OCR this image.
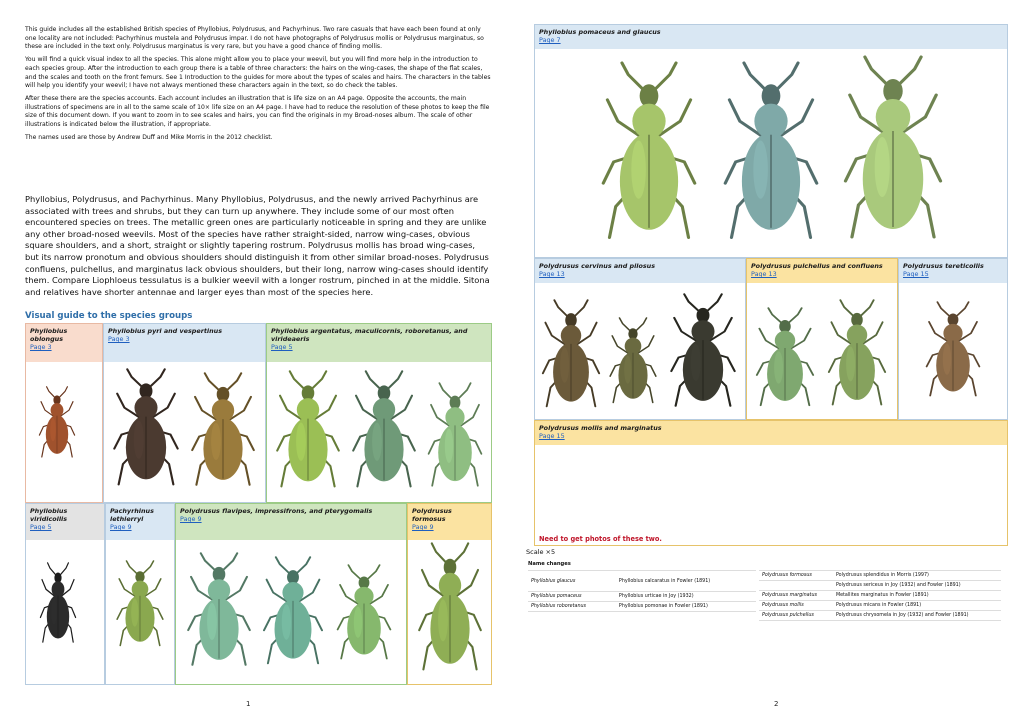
This guide includes all the established British species of Phyllobius, Polydrusus, and Pachyrhinus. Two rare casuals that have each been found at only one locality are not included: Pachyrhinus mustela and Polydrusus impar. I do not have photographs of Polydrusus mollis or Polydrusus marginatus, so these are included in the text only. Polydrusus marginatus is very rare, but you have a good chance of finding mollis.

You will find a quick visual index to all the species. This alone might allow you to place your weevil, but you will find more help in the introduction to each species group. After the introduction to each group there is a table of three characters: the hairs on the wing-cases, the shape of the flat scales, and the scales and tooth on the front femurs. See 1 Introduction to the guides for more about the types of scales and hairs. The characters in the tables will help you identify your weevil; I have not always mentioned these characters again in the text, so do check the tables.

After these there are the species accounts. Each account includes an illustration that is life size on an A4 page. Opposite the accounts, the main illustrations of specimens are in all to the same scale of 10× life size on an A4 page. I have had to reduce the resolution of these photos to keep the file size of this document down. If you want to zoom in to see scales and hairs, you can find the originals in my Broad-noses album. The scale of other illustrations is indicated below the illustration, if appropriate.

The names used are those by Andrew Duff and Mike Morris in the 2012 checklist.

Phyllobius, Polydrusus, and Pachyrhinus. Many Phyllobius, Polydrusus, and the newly arrived Pachyrhinus are associated with trees and shrubs, but they can turn up anywhere. They include some of our most often encountered species on trees. The metallic green ones are particularly noticeable in spring and they are unlike any other broad-nosed weevils. Most of the species have rather straight-sided, narrow wing-cases, obvious square shoulders, and a short, straight or slightly tapering rostrum. Polydrusus mollis has broad wing-cases, but its narrow pronotum and obvious shoulders should distinguish it from other similar broad-noses. Polydrusus confluens, pulchellus, and marginatus lack obvious shoulders, but their long, narrow wing-cases should identify them. Compare Liophloeus tessulatus is a bulkier weevil with a longer rostrum, pinched in at the middle. Sitona and relatives have shorter antennae and larger eyes than most of the species here.
Visual guide to the species groups
Phyllobius oblongus
Page 3
Phyllobius pyri and vespertinus
Page 3
Phyllobius argentatus, maculicornis, roboretanus, and virideaeris
Page 5
Phyllobius viridicollis
Page 5
Pachyrhinus lethierryi
Page 9
Polydrusus flavipes, impressifrons, and pterygomalis
Page 9
Polydrusus formosus
Page 9
1
Phyllobius pomaceus and glaucus
Page 7
Polydrusus cervinus and pilosus
Page 13
Polydrusus pulchellus and confluens
Page 13
Polydrusus tereticollis
Page 15
Polydrusus mollis and marginatus
Page 15
Need to get photos of these two.
2
Scale ×5
Name changes
Phyllobius glaucus	Phyllobius calcaratus in Fowler (1891)
Phyllobius pomaceus	Phyllobius urticae in Joy (1932)
Phyllobius roboretanus	Phyllobius pomonae in Fowler (1891)
Polydrusus formosus	Polydrusus splendidus in Morris (1997)
	Polydrusus sericeus in Joy (1932) and Fowler (1891)
Polydrusus marginatus	Metallites marginatus in Fowler (1891)
Polydrusus mollis	Polydrusus micans in Fowler (1891)
Polydrusus pulchellus	Polydrusus chrysomela in Joy (1932) and Fowler (1891)
